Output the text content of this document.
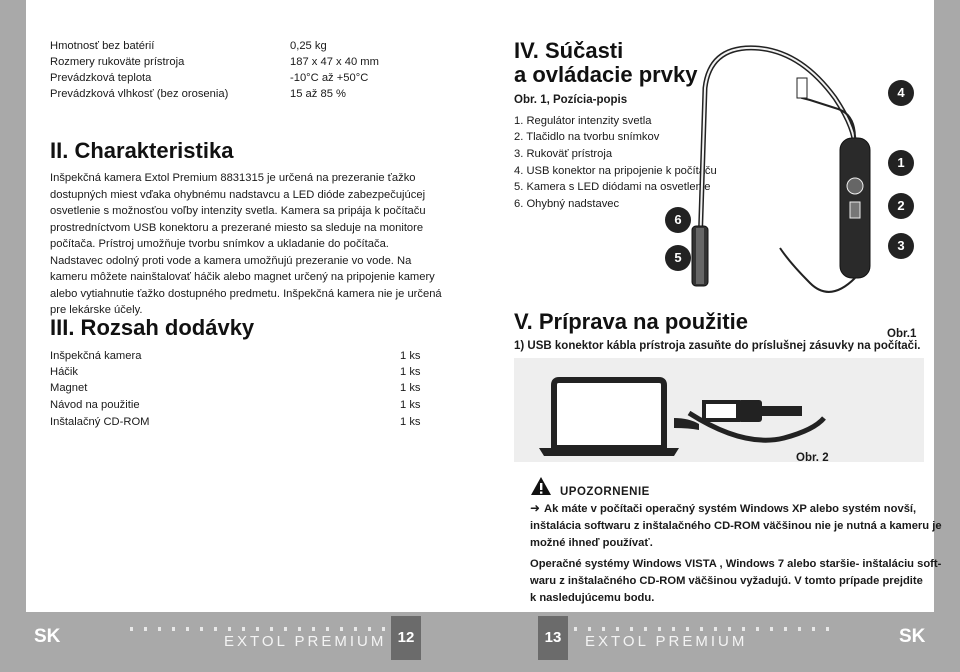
SK	EXTOL PREMIUM 12	13	EXTOL PREMIUM	SK
Hmotnosť bez batérií	0,25 kg
Rozmery rukoväte prístroja	187 x 47 x 40 mm
Prevádzková teplota	-10°C až +50°C
Prevádzková vlhkosť (bez orosenia)	15 až 85 %
II. Charakteristika
Inšpekčná kamera Extol Premium 8831315 je určená na prezeranie ťažko dostupných miest vďaka ohybnému nadstavcu a LED diódе zabezpečujúcej osvetlenie s možnosťou voľby intenzity svetla. Kamera sa pripája k počítaču prostredníctvom USB konektoru a prezerané miesto sa sleduje na monitore počítača. Prístroj umožňuje tvorbu snímkov a ukladanie do počítača. Nadstavec odolný proti vode a kamera umožňujú prezeranie vo vode. Na kameru môžete nainštalovať háčik alebo magnet určený na pripojenie kamery alebo vytiahnutie ťažko dostupného predmetu. Inšpekčná kamera nie je určená pre lekárske účely.
III. Rozsah dodávky
Inšpekčná kamera	1 ks
Háčik	1 ks
Magnet	1 ks
Návod na použitie	1 ks
Inštalačný CD-ROM	1 ks
IV. Súčasti
a ovládacie prvky
Obr. 1, Pozícia-popis
1. Regulátor intenzity svetla
2. Tlačidlo na tvorbu snímkov
3. Rukoväť prístroja
4. USB konektor na pripojenie k počítaču
5. Kamera s LED diódami na osvetlenie
6. Ohybný nadstavec
4
1
6
2
3
5
V. Príprava na použitie	Obr.1
1) USB konektor kábla prístroja zasuňte do príslušnej zásuvky na počítači.
Obr. 2
UPOZORNENIE
➜ Ak máte v počítači operačný systém Windows XP alebo systém novší,
inštalácia softwaru z inštalačného CD-ROM väčšinou nie je nutná a kameru je
možné ihneď používať.
Operačné systémy Windows VISTA , Windows 7 alebo staršie- inštaláciu soft-
waru z inštalačného CD-ROM väčšinou vyžadujú. V tomto prípade prejdite
k nasledujúcemu bodu.
